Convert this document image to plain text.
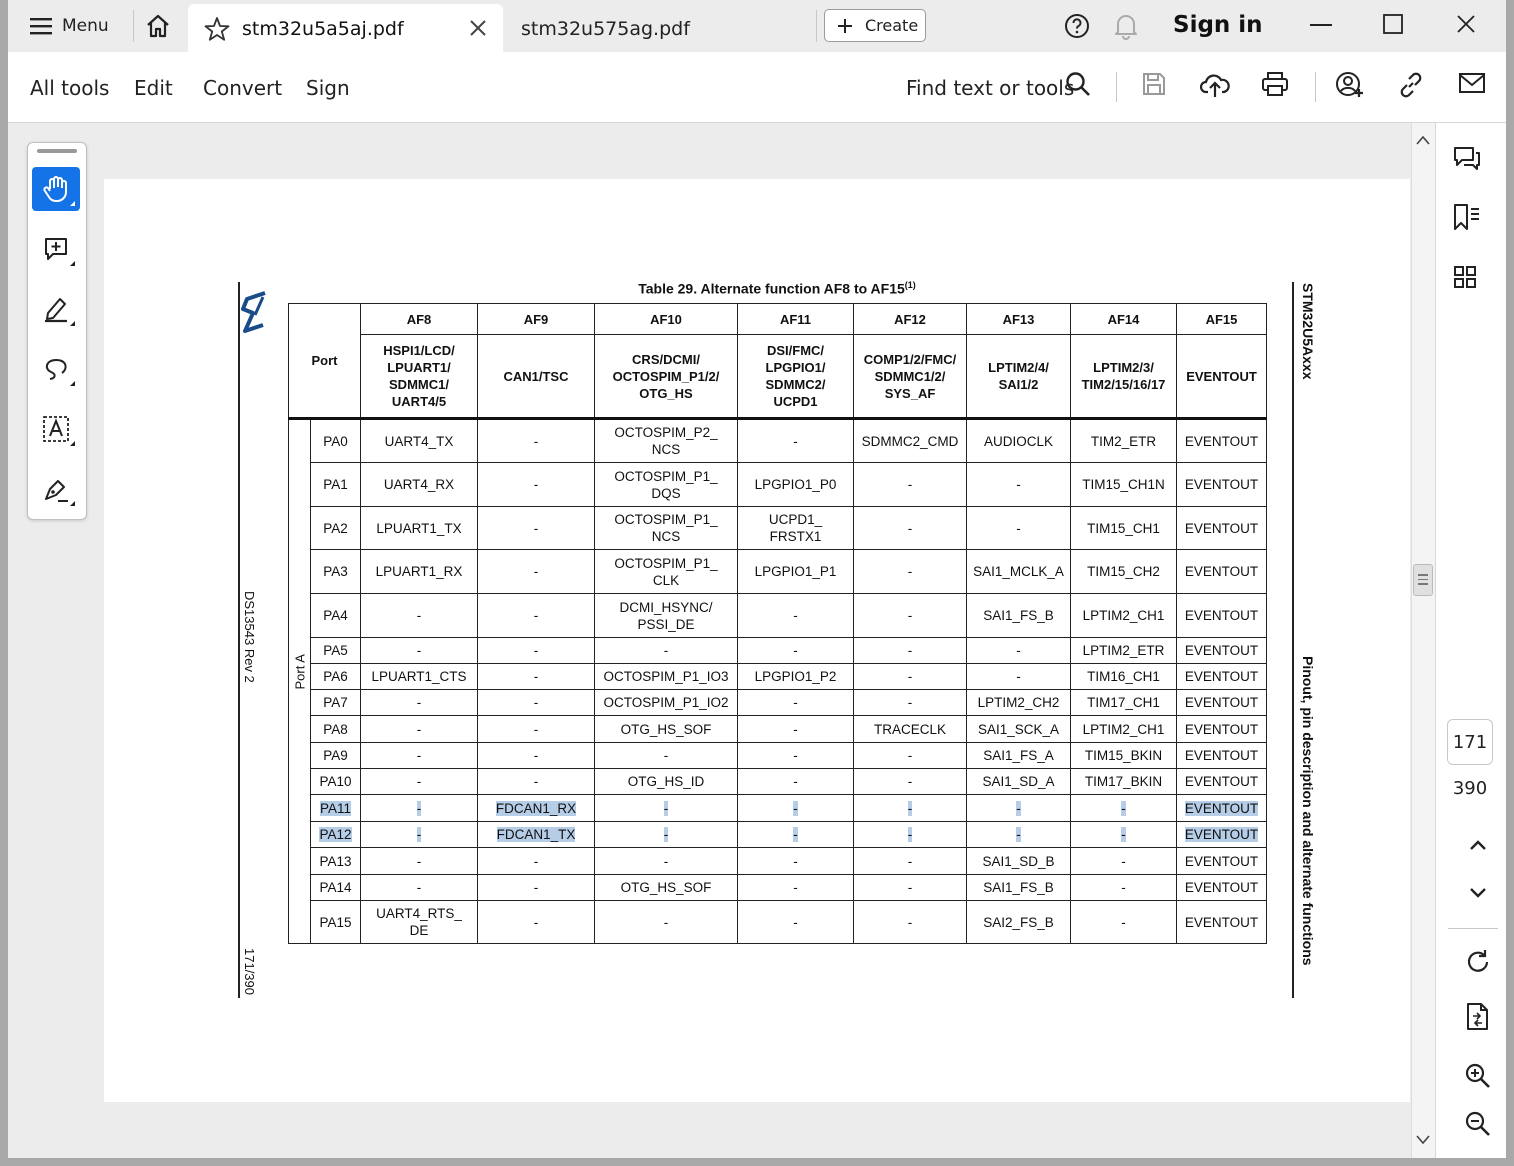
Menu	stm32u5a5aj.pdf	stm32u575ag.pdf	Create	Sign in
All tools Edit Convert Sign	Find text or tools
171
390
DS13543 Rev 2
171/390
STM32U5Axxx
Pinout, pin description and alternate functions
Table 29. Alternate function AF8 to AF15$^{(1)}$
Port		AF8	AF9	AF10	AF11	AF12	AF13	AF14	AF15
		HSPI1/LCD/
LPUART1/
SDMMC1/
UART4/5	CAN1/TSC	CRS/DCMI/
OCTOSPIM_P1/2/
OTG_HS	DSI/FMC/
LPGPIO1/
SDMMC2/
UCPD1	COMP1/2/FMC/
SDMMC1/2/
SYS_AF	LPTIM2/4/
SAI1/2	LPTIM2/3/
TIM2/15/16/17	EVENTOUT

Port A	PA0	UART4_TX	-	OCTOSPIM_P2_
NCS	-	SDMMC2_CMD	AUDIOCLK	TIM2_ETR	EVENTOUT
	PA1	UART4_RX	-	OCTOSPIM_P1_
DQS	LPGPIO1_P0	-	-	TIM15_CH1N	EVENTOUT
	PA2	LPUART1_TX	-	OCTOSPIM_P1_
NCS	UCPD1_
FRSTX1	-	-	TIM15_CH1	EVENTOUT
	PA3	LPUART1_RX	-	OCTOSPIM_P1_
CLK	LPGPIO1_P1	-	SAI1_MCLK_A	TIM15_CH2	EVENTOUT
	PA4	-	-	DCMI_HSYNC/
PSSI_DE	-	-	SAI1_FS_B	LPTIM2_CH1	EVENTOUT
	PA5	-	-	-	-	-	-	LPTIM2_ETR	EVENTOUT
	PA6	LPUART1_CTS	-	OCTOSPIM_P1_IO3	LPGPIO1_P2	-	-	TIM16_CH1	EVENTOUT
	PA7	-	-	OCTOSPIM_P1_IO2	-	-	LPTIM2_CH2	TIM17_CH1	EVENTOUT
	PA8	-	-	OTG_HS_SOF	-	TRACECLK	SAI1_SCK_A	LPTIM2_CH1	EVENTOUT
	PA9	-	-	-	-	-	SAI1_FS_A	TIM15_BKIN	EVENTOUT
	PA10	-	-	OTG_HS_ID	-	-	SAI1_SD_A	TIM17_BKIN	EVENTOUT
	PA11	-	FDCAN1_RX	-	-	-	-	-	EVENTOUT
	PA12	-	FDCAN1_TX	-	-	-	-	-	EVENTOUT
	PA13	-	-	-	-	-	SAI1_SD_B	-	EVENTOUT
	PA14	-	-	OTG_HS_SOF	-	-	SAI1_FS_B	-	EVENTOUT
	PA15	UART4_RTS_
DE	-	-	-	-	SAI2_FS_B	-	EVENTOUT
